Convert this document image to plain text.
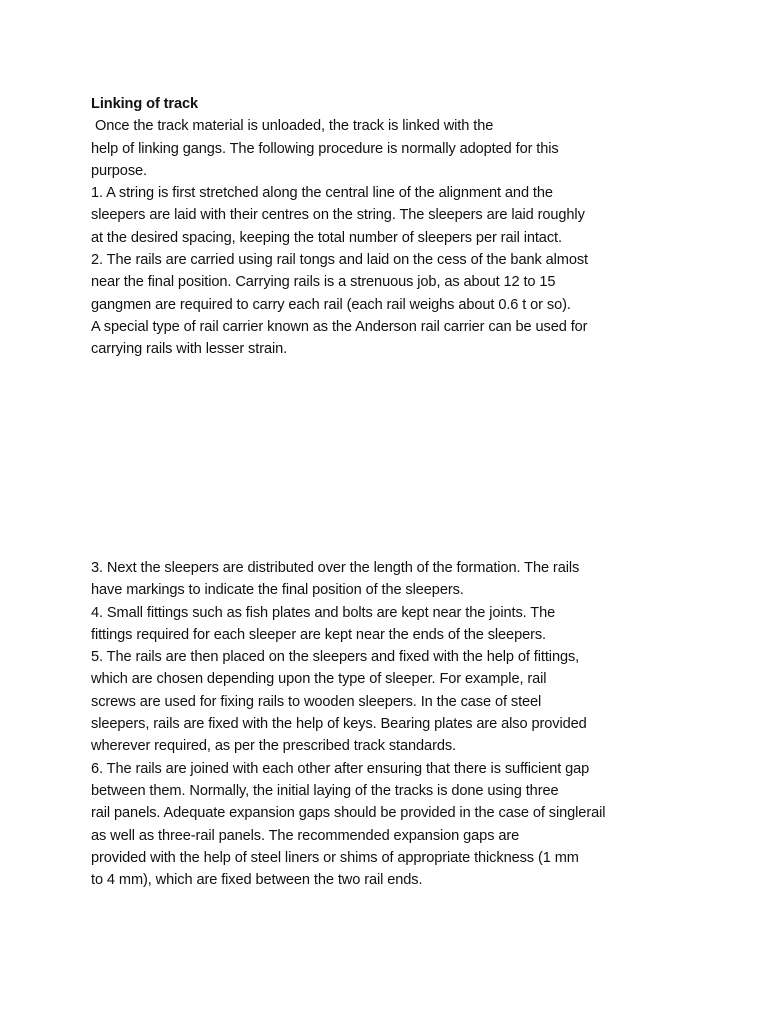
Linking of track
Once the track material is unloaded, the track is linked with the
help of linking gangs. The following procedure is normally adopted for this
purpose.
1. A string is first stretched along the central line of the alignment and the
sleepers are laid with their centres on the string. The sleepers are laid roughly
at the desired spacing, keeping the total number of sleepers per rail intact.
2. The rails are carried using rail tongs and laid on the cess of the bank almost
near the final position. Carrying rails is a strenuous job, as about 12 to 15
gangmen are required to carry each rail (each rail weighs about 0.6 t or so).
A special type of rail carrier known as the Anderson rail carrier can be used for
carrying rails with lesser strain.
3. Next the sleepers are distributed over the length of the formation. The rails
have markings to indicate the final position of the sleepers.
4. Small fittings such as fish plates and bolts are kept near the joints. The
fittings required for each sleeper are kept near the ends of the sleepers.
5. The rails are then placed on the sleepers and fixed with the help of fittings,
which are chosen depending upon the type of sleeper. For example, rail
screws are used for fixing rails to wooden sleepers. In the case of steel
sleepers, rails are fixed with the help of keys. Bearing plates are also provided
wherever required, as per the prescribed track standards.
6. The rails are joined with each other after ensuring that there is sufficient gap
between them. Normally, the initial laying of the tracks is done using three
rail panels. Adequate expansion gaps should be provided in the case of singlerail
as well as three-rail panels. The recommended expansion gaps are
provided with the help of steel liners or shims of appropriate thickness (1 mm
to 4 mm), which are fixed between the two rail ends.
